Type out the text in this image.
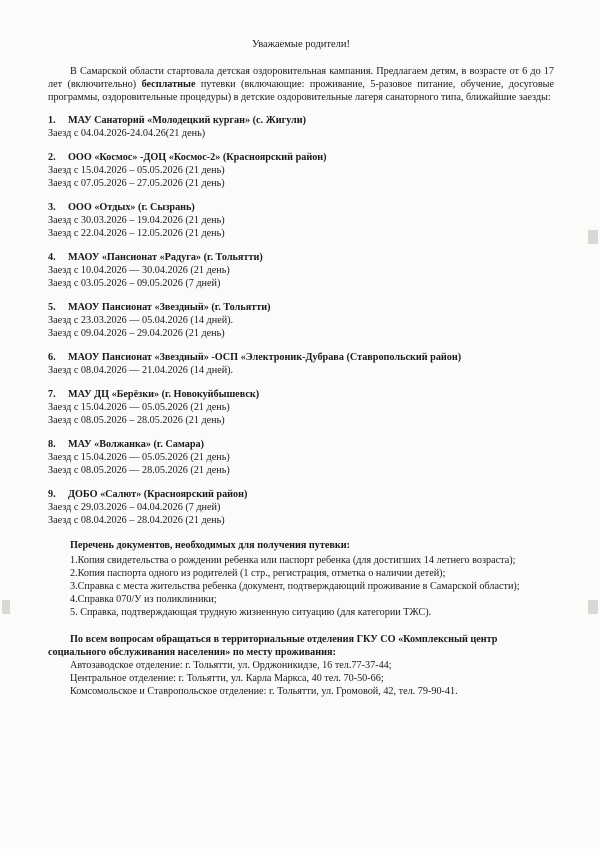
Уважаемые родители!

В Самарской области стартовала детская оздоровительная кампания. Предлагаем детям, в возрасте от 6 до 17 лет (включительно) бесплатные путевки (включающие: проживание, 5-разовое питание, обучение, досуговые программы, оздоровительные процедуры) в детские оздоровительные лагеря санаторного типа, ближайшие заезды:

1.	МАУ Санаторий «Молодецкий курган» (с. Жигули)

Заезд с 04.04.2026-24.04.26(21 день)

2.	ООО «Космос» -ДОЦ «Космос-2» (Красноярский район)

Заезд с 15.04.2026 – 05.05.2026 (21 день)

Заезд с 07.05.2026 – 27.05.2026 (21 день)

3.	ООО «Отдых» (г. Сызрань)

Заезд с 30.03.2026 – 19.04.2026 (21 день)

Заезд с 22.04.2026 – 12.05.2026 (21 день)

4.	МАОУ «Пансионат «Радуга» (г. Тольятти)

Заезд с 10.04.2026 — 30.04.2026 (21 день)

Заезд с 03.05.2026 – 09.05.2026 (7 дней)

5.	МАОУ Пансионат «Звездный» (г. Тольятти)

Заезд с 23.03.2026 — 05.04.2026 (14 дней).

Заезд с 09.04.2026 – 29.04.2026 (21 день)

6.	МАОУ Пансионат «Звездный» -ОСП «Электроник-Дубрава (Ставропольский район)

Заезд с 08.04.2026 — 21.04.2026 (14 дней).

7.	МАУ ДЦ «Берёзки» (г. Новокуйбышевск)

Заезд с 15.04.2026 — 05.05.2026 (21 день)

Заезд с 08.05.2026 – 28.05.2026 (21 день)

8.	МАУ «Волжанка» (г. Самара)

Заезд с 15.04.2026 — 05.05.2026 (21 день)

Заезд с 08.05.2026 — 28.05.2026 (21 день)

9.	ДОБО «Салют» (Красноярский район)

Заезд с 29.03.2026 – 04.04.2026 (7 дней)

Заезд с 08.04.2026 – 28.04.2026 (21 день)

Перечень документов, необходимых для получения путевки:

1.Копия свидетельства о рождении ребенка или паспорт ребенка (для достигших 14 летнего возраста);

2.Копия паспорта одного из родителей (1 стр., регистрация, отметка о наличии детей);

3.Справка с места жительства ребенка (документ, подтверждающий проживание в Самарской области);

4.Справка 070/У из поликлиники;

5. Справка, подтверждающая трудную жизненную ситуацию (для категории ТЖС).

По всем вопросам обращаться в территориальные отделения ГКУ СО «Комплексный центр социального обслуживания населения» по месту проживания:

Автозаводское отделение: г. Тольятти, ул. Орджоникидзе, 16 тел.77-37-44;

Центральное отделение: г. Тольятти, ул. Карла Маркса, 40 тел. 70-50-66;

Комсомольское и Ставропольское отделение: г. Тольятти, ул. Громовой, 42, тел. 79-90-41.
